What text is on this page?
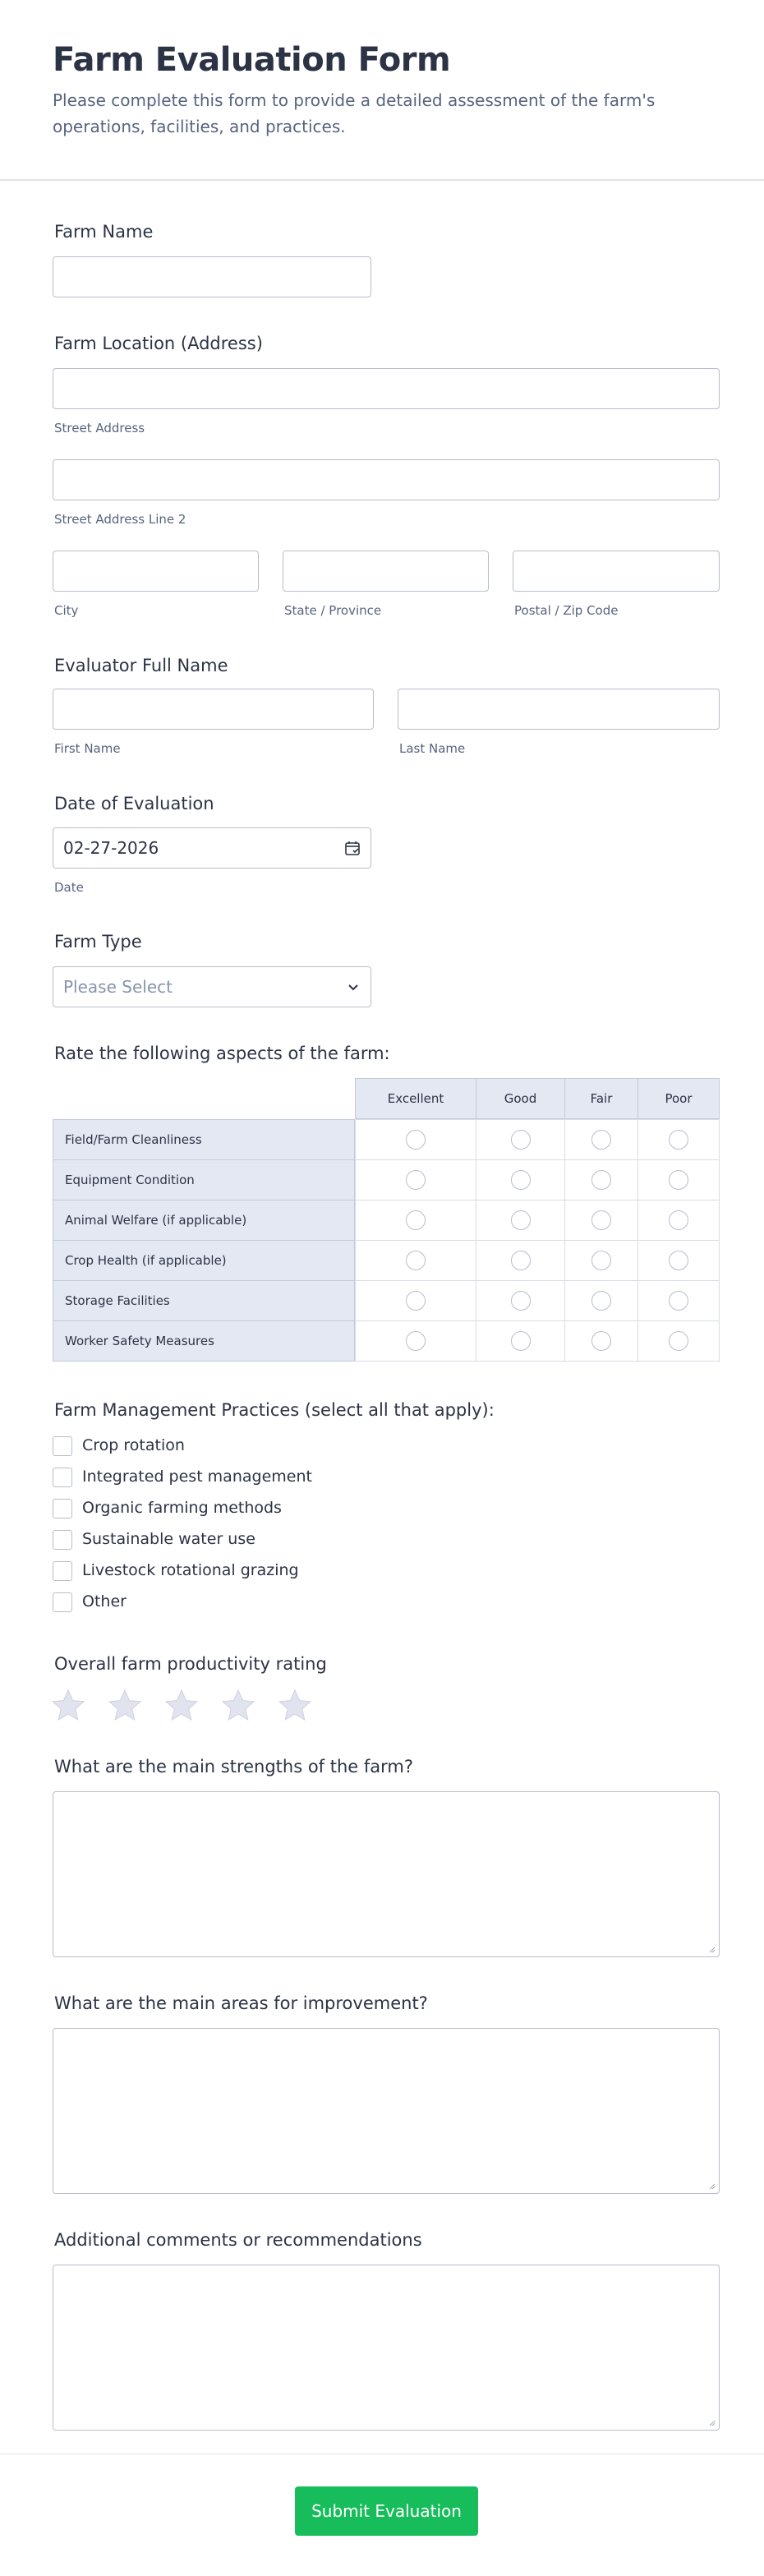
Farm Evaluation Form

Please complete this form to provide a detailed assessment of the farm's operations, facilities, and practices.

Farm Name
Farm Location (Address)
Street Address
Street Address Line 2
City	State / Province	Postal / Zip Code
Evaluator Full Name
First Name	Last Name
Date of Evaluation
02-27-2026
Date
Farm Type
Please Select
Rate the following aspects of the farm:
Excellent	Good	Fair	Poor
Field/Farm Cleanliness
Equipment Condition
Animal Welfare (if applicable)
Crop Health (if applicable)
Storage Facilities
Worker Safety Measures
Farm Management Practices (select all that apply):
Crop rotation
Integrated pest management
Organic farming methods
Sustainable water use
Livestock rotational grazing
Other
Overall farm productivity rating
What are the main strengths of the farm?
What are the main areas for improvement?
Additional comments or recommendations
Submit Evaluation
